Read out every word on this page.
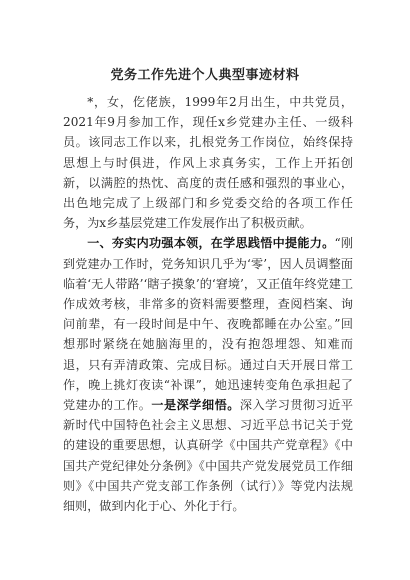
党务工作先进个人典型事迹材料

*，女，仡佬族，1999年2月出生，中共党员，2021年9月参加工作，现任x乡党建办主任、一级科员。该同志工作以来，扎根党务工作岗位，始终保持思想上与时俱进，作风上求真务实，工作上开拓创新，以满腔的热忱、高度的责任感和强烈的事业心，出色地完成了上级部门和乡党委交给的各项工作任务，为x乡基层党建工作发展作出了积极贡献。

一、夯实内功强本领，在学思践悟中提能力。“刚到党建办工作时，党务知识几乎为‘零’，因人员调整面临着‘无人带路’‘瞎子摸象’的‘窘境’，又正值年终党建工作成效考核，非常多的资料需要整理，查阅档案、询问前辈，有一段时间是中午、夜晚都睡在办公室。”回想那时紧绕在她脑海里的，没有抱怨埋怨、知难而退，只有弄清政策、完成目标。通过白天开展日常工作，晚上挑灯夜读“补课”，她迅速转变角色承担起了党建办的工作。一是深学细悟。深入学习贯彻习近平新时代中国特色社会主义思想、习近平总书记关于党的建设的重要思想，认真研学《中国共产党章程》《中国共产党纪律处分条例》《中国共产党发展党员工作细则》《中国共产党支部工作条例（试行）》等党内法规细则，做到内化于心、外化于行。
